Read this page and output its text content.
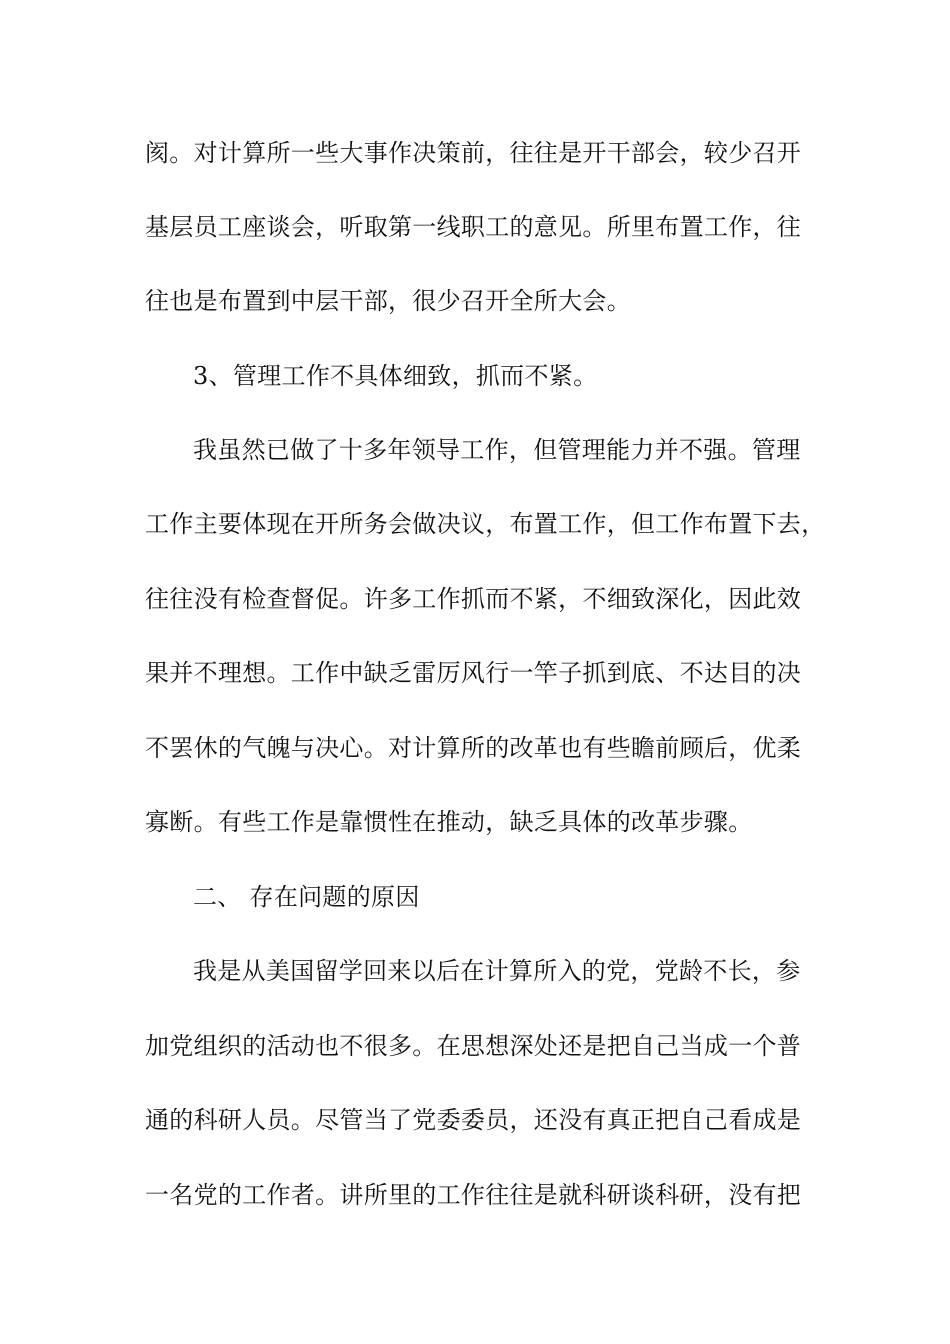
阂。对计算所一些大事作决策前，往往是开干部会，较少召开
基层员工座谈会，听取第一线职工的意见。所里布置工作，往
往也是布置到中层干部，很少召开全所大会。
3、管理工作不具体细致，抓而不紧。
我虽然已做了十多年领导工作，但管理能力并不强。管理
工作主要体现在开所务会做决议，布置工作，但工作布置下去，
往往没有检查督促。许多工作抓而不紧，不细致深化，因此效
果并不理想。工作中缺乏雷厉风行一竿子抓到底、不达目的决
不罢休的气魄与决心。对计算所的改革也有些瞻前顾后，优柔
寡断。有些工作是靠惯性在推动，缺乏具体的改革步骤。
二、 存在问题的原因
我是从美国留学回来以后在计算所入的党，党龄不长，参
加党组织的活动也不很多。在思想深处还是把自己当成一个普
通的科研人员。尽管当了党委委员，还没有真正把自己看成是
一名党的工作者。讲所里的工作往往是就科研谈科研，没有把
